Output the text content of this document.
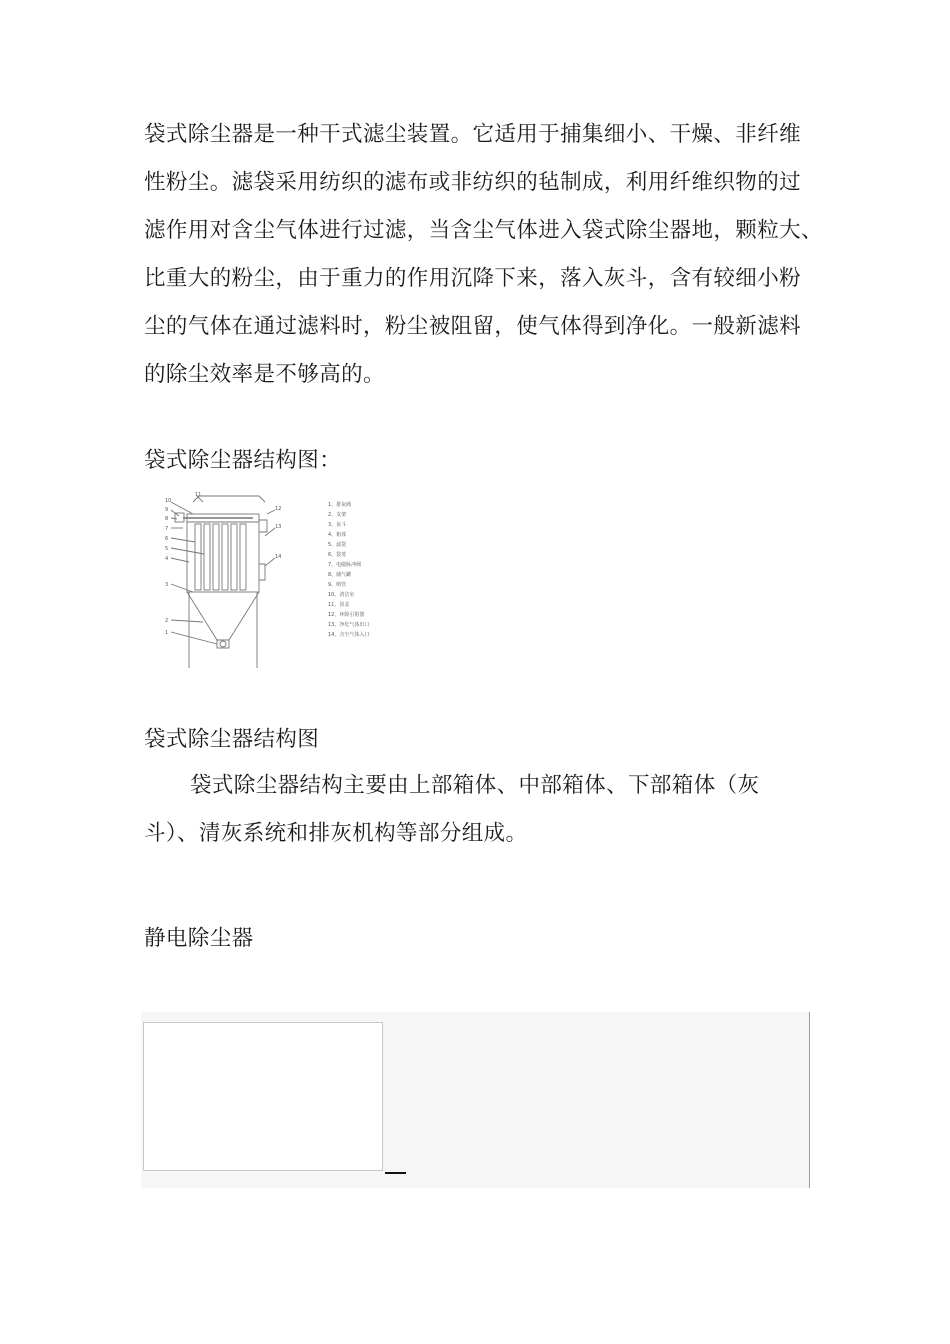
袋式除尘器是一种干式滤尘装置。它适用于捕集细小、干燥、非纤维
性粉尘。滤袋采用纺织的滤布或非纺织的毡制成，利用纤维织物的过
滤作用对含尘气体进行过滤，当含尘气体进入袋式除尘器地，颗粒大、
比重大的粉尘，由于重力的作用沉降下来，落入灰斗，含有较细小粉
尘的气体在通过滤料时，粉尘被阻留，使气体得到净化。一般新滤料
的除尘效率是不够高的。

袋式除尘器结构图：

10
11
9
8
7
6
5
4
3
2
1
12
13
14
1、排灰阀
2、支架
3、灰斗
4、箱体
5、滤袋
6、袋笼
7、电磁脉冲阀
8、储气罐
9、喷管
10、清洁室
11、顶盖
12、环隙引射器
13、净化气体出口
14、含尘气体入口

袋式除尘器结构图

袋式除尘器结构主要由上部箱体、中部箱体、下部箱体（灰
斗）、清灰系统和排灰机构等部分组成。

静电除尘器
